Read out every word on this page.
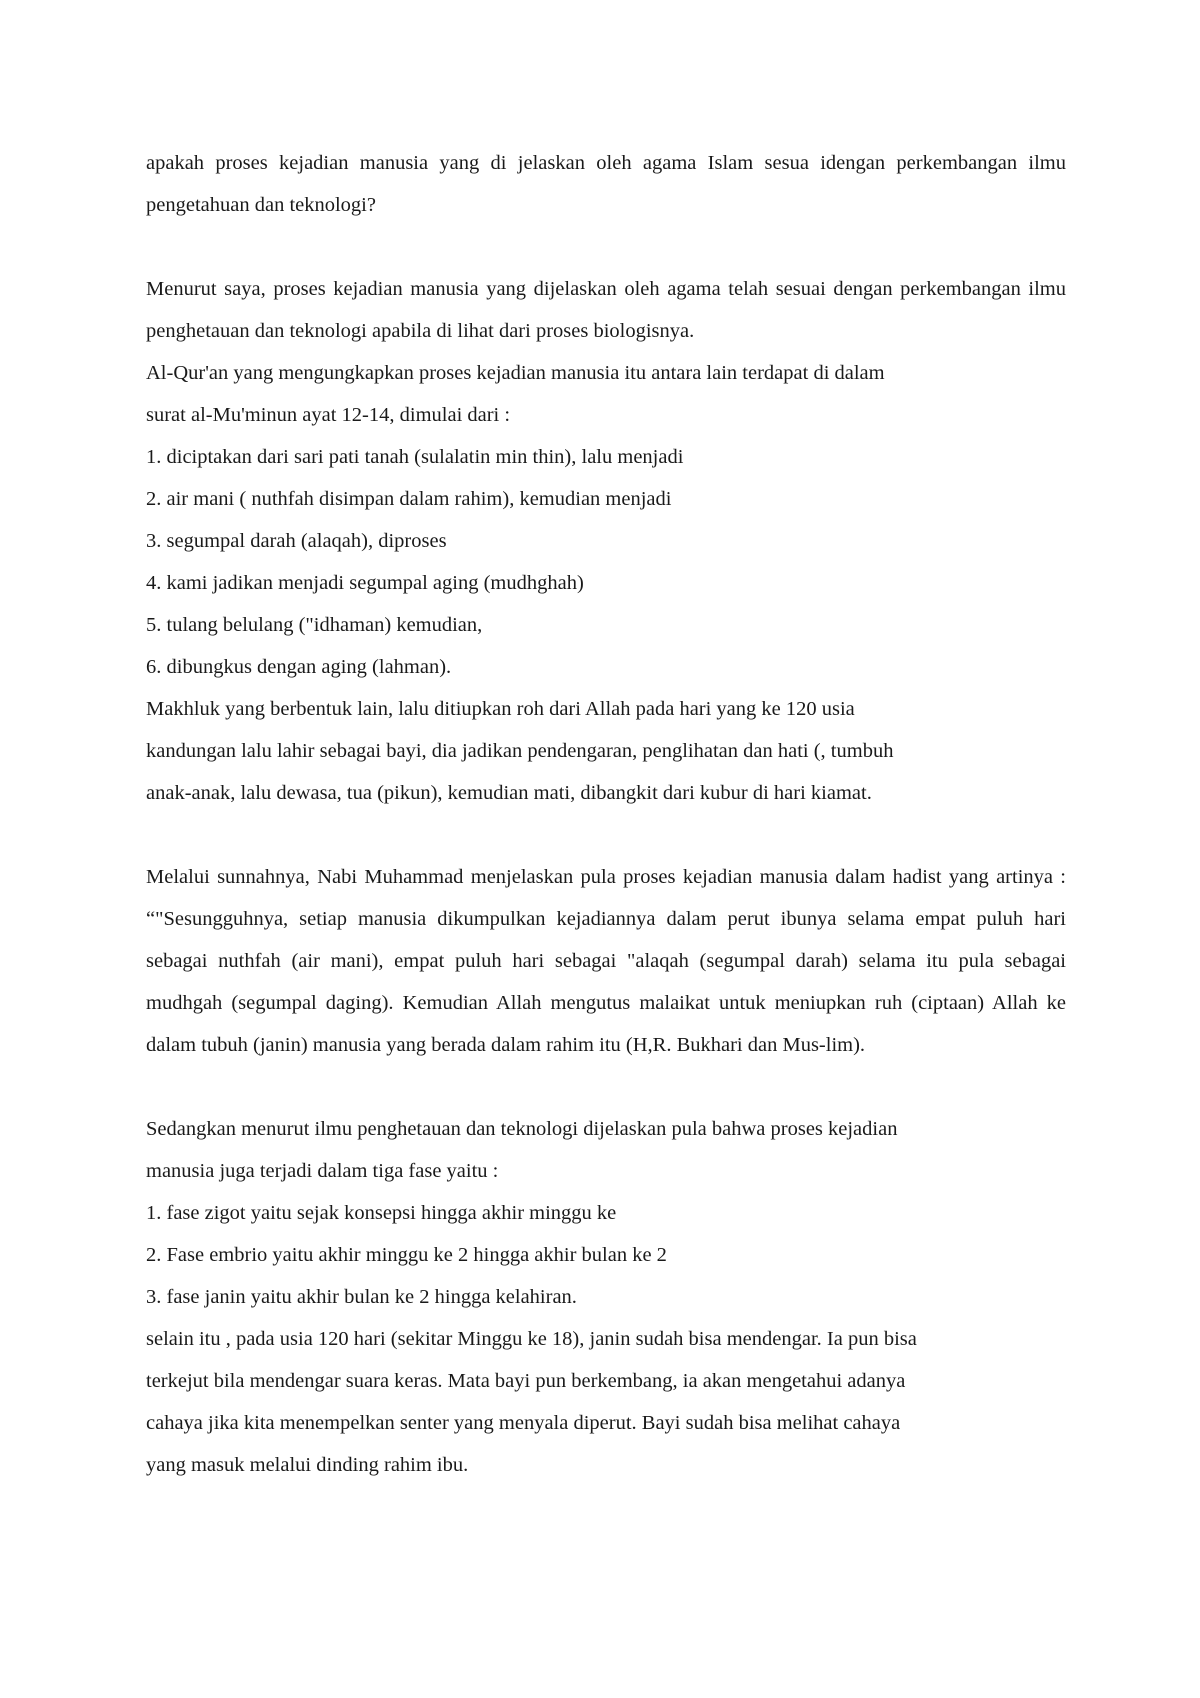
apakah proses kejadian manusia yang di jelaskan oleh agama Islam sesua idengan perkembangan ilmu pengetahuan dan teknologi?

Menurut saya, proses kejadian manusia yang dijelaskan oleh agama telah sesuai dengan perkembangan ilmu penghetauan dan teknologi apabila di lihat dari proses biologisnya.

Al-Qur'an yang mengungkapkan proses kejadian manusia itu antara lain terdapat di dalam
surat al-Mu'minun ayat 12-14, dimulai dari :
1. diciptakan dari sari pati tanah (sulalatin min thin), lalu menjadi
2. air mani ( nuthfah disimpan dalam rahim), kemudian menjadi
3. segumpal darah (alaqah), diproses
4. kami jadikan menjadi segumpal aging (mudhghah)
5. tulang belulang ("idhaman) kemudian,
6. dibungkus dengan aging (lahman).
Makhluk yang berbentuk lain, lalu ditiupkan roh dari Allah pada hari yang ke 120 usia
kandungan lalu lahir sebagai bayi, dia jadikan pendengaran, penglihatan dan hati (, tumbuh
anak-anak, lalu dewasa, tua (pikun), kemudian mati, dibangkit dari kubur di hari kiamat.

Melalui sunnahnya, Nabi Muhammad menjelaskan pula proses kejadian manusia dalam hadist yang artinya : “"Sesungguhnya, setiap manusia dikumpulkan kejadiannya dalam perut ibunya selama empat puluh hari sebagai nuthfah (air mani), empat puluh hari sebagai "alaqah (segumpal darah) selama itu pula sebagai mudhgah (segumpal daging). Kemudian Allah mengutus malaikat untuk meniupkan ruh (ciptaan) Allah ke dalam tubuh (janin) manusia yang berada dalam rahim itu (H,R. Bukhari dan Mus-lim).

Sedangkan menurut ilmu penghetauan dan teknologi dijelaskan pula bahwa proses kejadian
manusia juga terjadi dalam tiga fase yaitu :
1. fase zigot yaitu sejak konsepsi hingga akhir minggu ke
2. Fase embrio yaitu akhir minggu ke 2 hingga akhir bulan ke 2
3. fase janin yaitu akhir bulan ke 2 hingga kelahiran.
selain itu , pada usia 120 hari (sekitar Minggu ke 18), janin sudah bisa mendengar. Ia pun bisa
terkejut bila mendengar suara keras. Mata bayi pun berkembang, ia akan mengetahui adanya
cahaya jika kita menempelkan senter yang menyala diperut. Bayi sudah bisa melihat cahaya
yang masuk melalui dinding rahim ibu.
